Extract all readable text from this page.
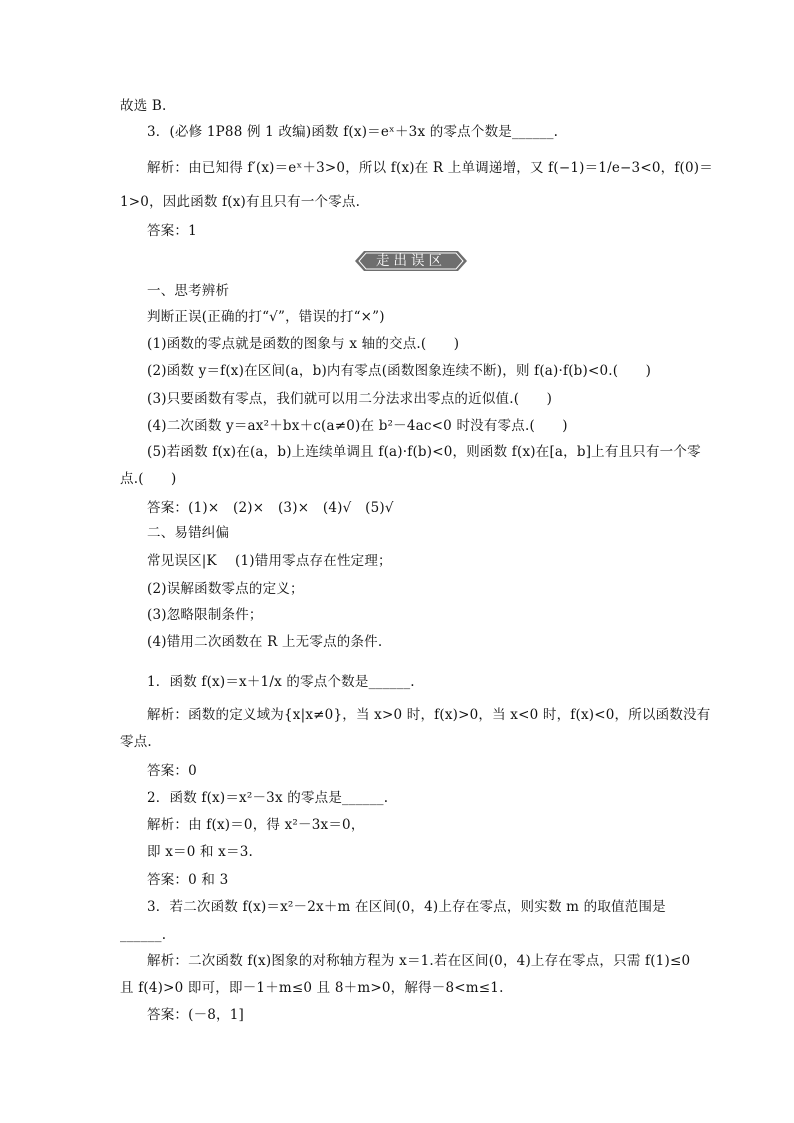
故选 B.
3．(必修 1P88 例 1 改编)函数 f(x)＝eˣ＋3x 的零点个数是______.
解析：由已知得 f′(x)＝eˣ＋3>0，所以 f(x)在 R 上单调递增，又 f(−1)＝1/e−3<0，f(0)＝
1>0，因此函数 f(x)有且只有一个零点.
答案：1
一、思考辨析
判断正误(正确的打“√”，错误的打“×”)
(1)函数的零点就是函数的图象与 x 轴的交点.(　　)
(2)函数 y＝f(x)在区间(a，b)内有零点(函数图象连续不断)，则 f(a)·f(b)<0.(　　)
(3)只要函数有零点，我们就可以用二分法求出零点的近似值.(　　)
(4)二次函数 y＝ax²＋bx＋c(a≠0)在 b²－4ac<0 时没有零点.(　　)
(5)若函数 f(x)在(a，b)上连续单调且 f(a)·f(b)<0，则函数 f(x)在[a，b]上有且只有一个零
点.(　　)
答案：(1)×　(2)×　(3)×　(4)√　(5)√
二、易错纠偏
常见误区|K　 (1)错用零点存在性定理；
(2)误解函数零点的定义；
(3)忽略限制条件；
(4)错用二次函数在 R 上无零点的条件.
1．函数 f(x)＝x＋1/x 的零点个数是______.
解析：函数的定义域为{x|x≠0}，当 x>0 时，f(x)>0，当 x<0 时，f(x)<0，所以函数没有
零点.
答案：0
2．函数 f(x)＝x²－3x 的零点是______.
解析：由 f(x)＝0，得 x²－3x＝0，
即 x＝0 和 x＝3.
答案：0 和 3
3．若二次函数 f(x)＝x²－2x＋m 在区间(0，4)上存在零点，则实数 m 的取值范围是
______.
解析：二次函数 f(x)图象的对称轴方程为 x＝1.若在区间(0，4)上存在零点，只需 f(1)≤0
且 f(4)>0 即可，即－1＋m≤0 且 8＋m>0，解得－8<m≤1.
答案：(－8，1]
走出误区
